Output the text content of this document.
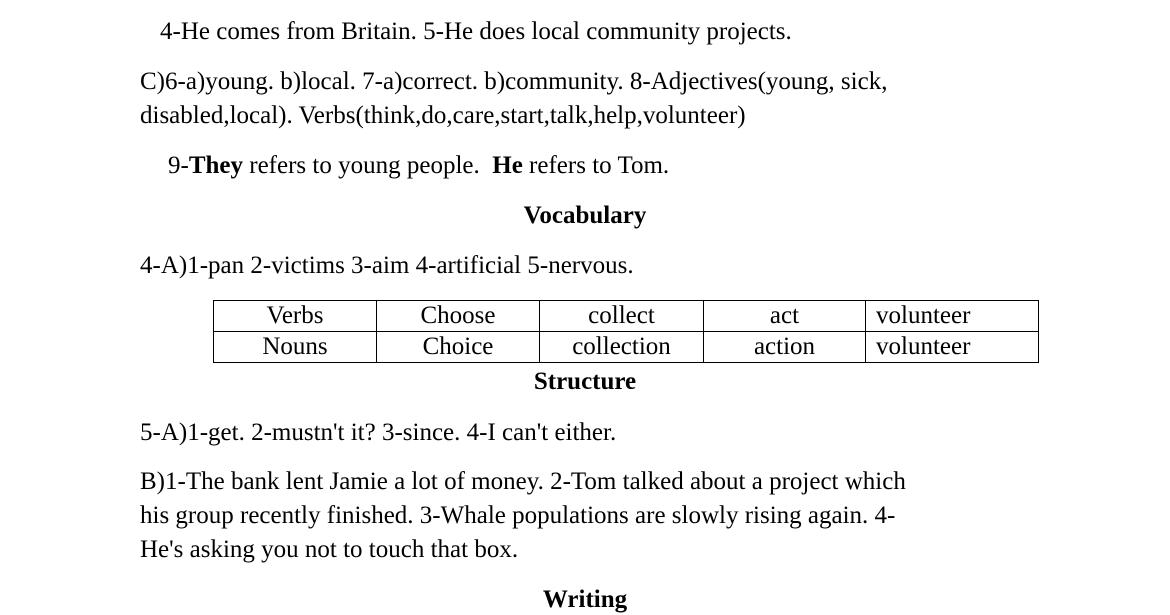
4-He comes from Britain. 5-He does local community projects.
C)6-a)young. b)local. 7-a)correct. b)community. 8-Adjectives(young, sick,
disabled,local). Verbs(think,do,care,start,talk,help,volunteer)
9-They refers to young people.  He refers to Tom.
Vocabulary
4-A)1-pan 2-victims 3-aim 4-artificial 5-nervous.
Verbs	Choose	collect	act	volunteer
Nouns	Choice	collection	action	volunteer
Structure
5-A)1-get. 2-mustn't it? 3-since. 4-I can't either.
B)1-The bank lent Jamie a lot of money. 2-Tom talked about a project which
his group recently finished. 3-Whale populations are slowly rising again. 4-
He's asking you not to touch that box.
Writing
